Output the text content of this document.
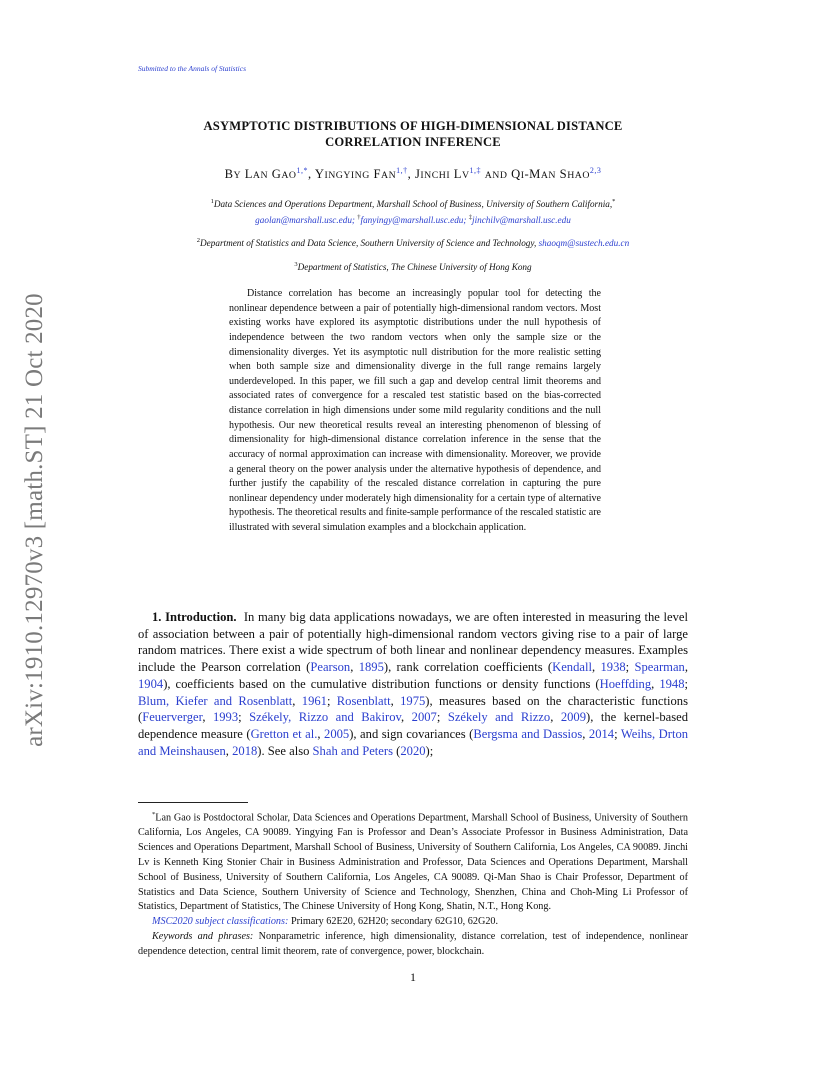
arXiv:1910.12970v3 [math.ST] 21 Oct 2020
Submitted to the Annals of Statistics
ASYMPTOTIC DISTRIBUTIONS OF HIGH-DIMENSIONAL DISTANCE
CORRELATION INFERENCE
BY LAN $GAO^{1,*}$, YINGYING $FAN^{1,\dagger}$, JINCHI $LV^{1,\ddagger}$ AND QI-MAN SHAO$^{2,3}$
$^1$Data Sciences and Operations Department, Marshall School of Business, University of Southern California,* gaolan@marshall.usc.edu; †fanyingy@marshall.usc.edu; ‡jinchilv@marshall.usc.edu
$^2$Department of Statistics and Data Science, Southern University of Science and Technology, shaoqm@sustech.edu.cn
$^3$Department of Statistics, The Chinese University of Hong Kong
Distance correlation has become an increasingly popular tool for detecting the nonlinear dependence between a pair of potentially high-dimensional random vectors. Most existing works have explored its asymptotic distributions under the null hypothesis of independence between the two random vectors when only the sample size or the dimensionality diverges. Yet its asymptotic null distribution for the more realistic setting when both sample size and dimensionality diverge in the full range remains largely underdeveloped. In this paper, we fill such a gap and develop central limit theorems and associated rates of convergence for a rescaled test statistic based on the bias-corrected distance correlation in high dimensions under some mild regularity conditions and the null hypothesis. Our new theoretical results reveal an interesting phenomenon of blessing of dimensionality for high-dimensional distance correlation inference in the sense that the accuracy of normal approximation can increase with dimensionality. Moreover, we provide a general theory on the power analysis under the alternative hypothesis of dependence, and further justify the capability of the rescaled distance correlation in capturing the pure nonlinear dependency under moderately high dimensionality for a certain type of alternative hypothesis. The theoretical results and finite-sample performance of the rescaled statistic are illustrated with several simulation examples and a blockchain application.
1. Introduction. In many big data applications nowadays, we are often interested in measuring the level of association between a pair of potentially high-dimensional random vectors giving rise to a pair of large random matrices. There exist a wide spectrum of both linear and nonlinear dependency measures. Examples include the Pearson correlation (Pearson, 1895), rank correlation coefficients (Kendall, 1938; Spearman, 1904), coefficients based on the cumulative distribution functions or density functions (Hoeffding, 1948; Blum, Kiefer and Rosenblatt, 1961; Rosenblatt, 1975), measures based on the characteristic functions (Feuerverger, 1993; Székely, Rizzo and Bakirov, 2007; Székely and Rizzo, 2009), the kernel-based dependence measure (Gretton et al., 2005), and sign covariances (Bergsma and Dassios, 2014; Weihs, Drton and Meinshausen, 2018). See also Shah and Peters (2020);

*Lan Gao is Postdoctoral Scholar, Data Sciences and Operations Department, Marshall School of Business, University of Southern California, Los Angeles, CA 90089. Yingying Fan is Professor and Dean’s Associate Professor in Business Administration, Data Sciences and Operations Department, Marshall School of Business, University of Southern California, Los Angeles, CA 90089. Jinchi Lv is Kenneth King Stonier Chair in Business Administration and Professor, Data Sciences and Operations Department, Marshall School of Business, University of Southern California, Los Angeles, CA 90089. Qi-Man Shao is Chair Professor, Department of Statistics and Data Science, Southern University of Science and Technology, Shenzhen, China and Choh-Ming Li Professor of Statistics, Department of Statistics, The Chinese University of Hong Kong, Shatin, N.T., Hong Kong.

MSC2020 subject classifications: Primary 62E20, 62H20; secondary 62G10, 62G20.

Keywords and phrases: Nonparametric inference, high dimensionality, distance correlation, test of independence, nonlinear dependence detection, central limit theorem, rate of convergence, power, blockchain.

1
